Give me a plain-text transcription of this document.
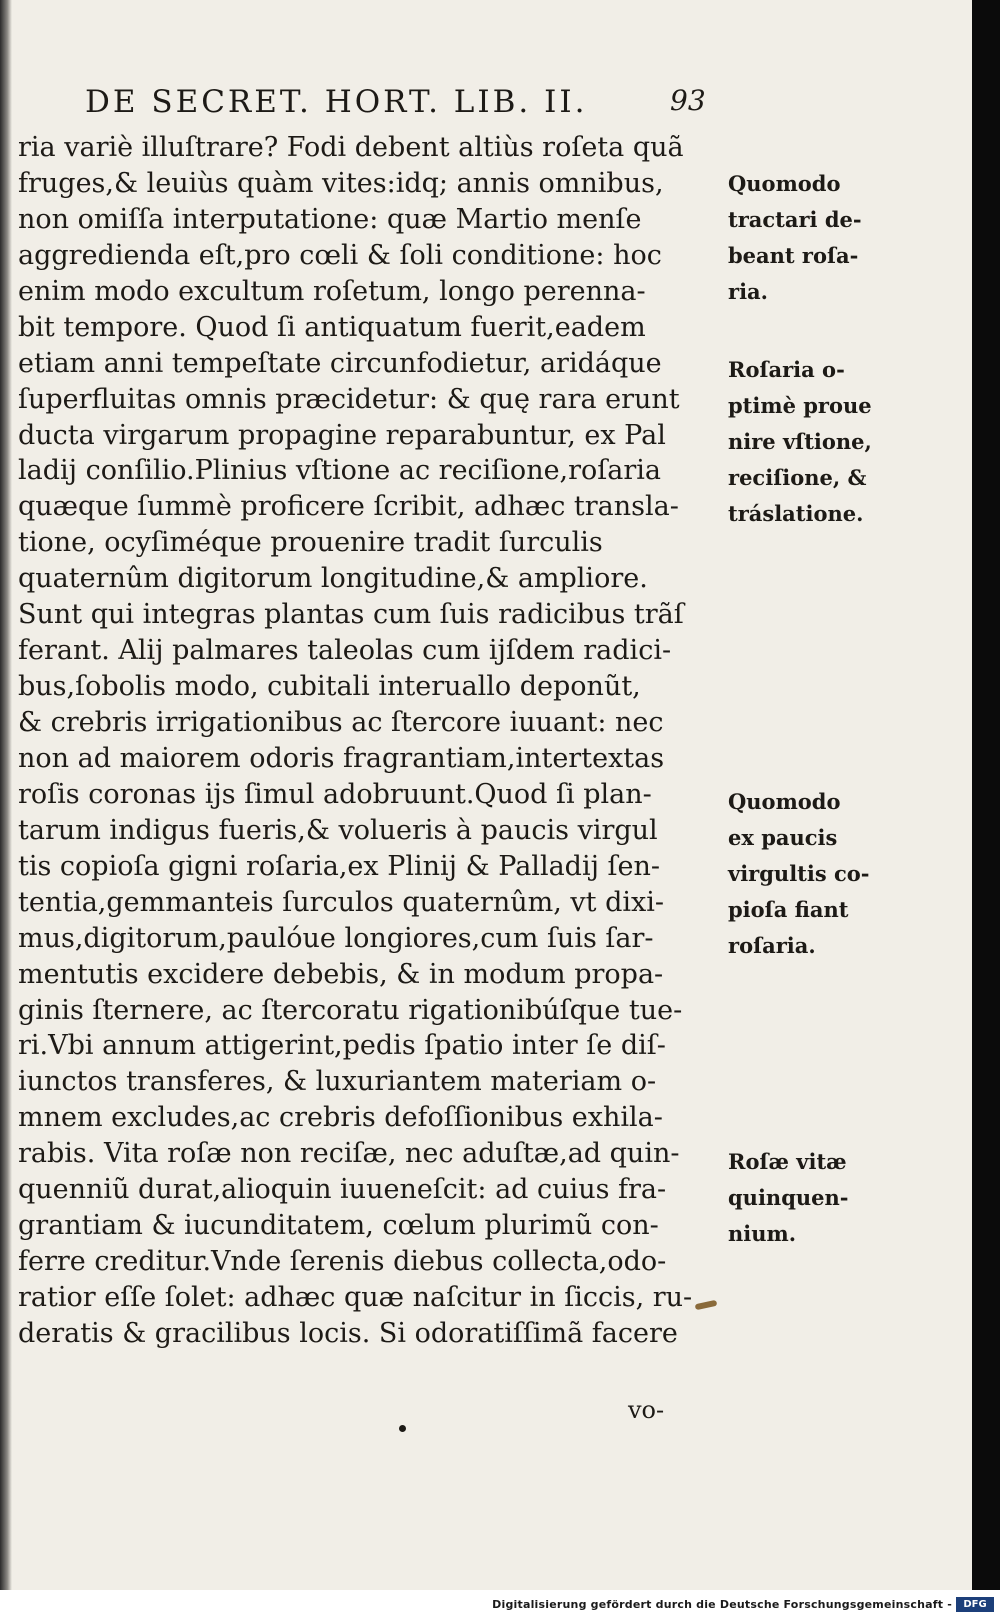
DE SECRET. HORT. LIB. II.	93
ria variè illuſtrare? Fodi debent altiùs roſeta quã
fruges,& leuiùs quàm vites:idq; annis omnibus,
non omiſſa interputatione: quæ Martio menſe
aggredienda eſt,pro cœli & ſoli conditione: hoc
enim modo excultum roſetum, longo perenna-
bit tempore. Quod ſi antiquatum fuerit,eadem
etiam anni tempeſtate circunfodietur, aridáque
ſuperfluitas omnis præcidetur: & quę rara erunt
ducta virgarum propagine reparabuntur, ex Pal
ladij conſilio.Plinius vſtione ac reciſione,roſaria
quæque ſummè proficere ſcribit, adhæc transla-
tione, ocyſiméque prouenire tradit ſurculis
quaternûm digitorum longitudine,& ampliore.
Sunt qui integras plantas cum ſuis radicibus trãſ
ferant. Alij palmares taleolas cum ijſdem radici-
bus,ſobolis modo, cubitali interuallo deponũt,
& crebris irrigationibus ac ſtercore iuuant: nec
non ad maiorem odoris fragrantiam,intertextas
roſis coronas ijs ſimul adobruunt.Quod ſi plan-
tarum indigus fueris,& volueris à paucis virgul
tis copioſa gigni roſaria,ex Plinij & Palladij ſen-
tentia,gemmanteis ſurculos quaternûm, vt dixi-
mus,digitorum,paulóue longiores,cum ſuis ſar-
mentutis excidere debebis, & in modum propa-
ginis ſternere, ac ſtercoratu rigationibúſque tue-
ri.Vbi annum attigerint,pedis ſpatio inter ſe diſ-
iunctos transferes, & luxuriantem materiam o-
mnem excludes,ac crebris defoſſionibus exhila-
rabis. Vita roſæ non reciſæ, nec aduſtæ,ad quin-
quenniũ durat,alioquin iuueneſcit: ad cuius fra-
grantiam & iucunditatem, cœlum plurimũ con-
ferre creditur.Vnde ſerenis diebus collecta,odo-
ratior eſſe ſolet: adhæc quæ naſcitur in ſiccis, ru-
deratis & gracilibus locis. Si odoratiſſimã facere
Quomodo
tractari de-
beant roſa-
ria.
Roſaria o-
ptimè proue
nire vſtione,
reciſione, &
tráslatione.
Quomodo
ex paucis
virgultis co-
pioſa fiant
roſaria.
Roſæ vitæ
quinquen-
nium.
vo-
Digitalisierung gefördert durch die Deutsche Forschungsgemeinschaft -	DFG
